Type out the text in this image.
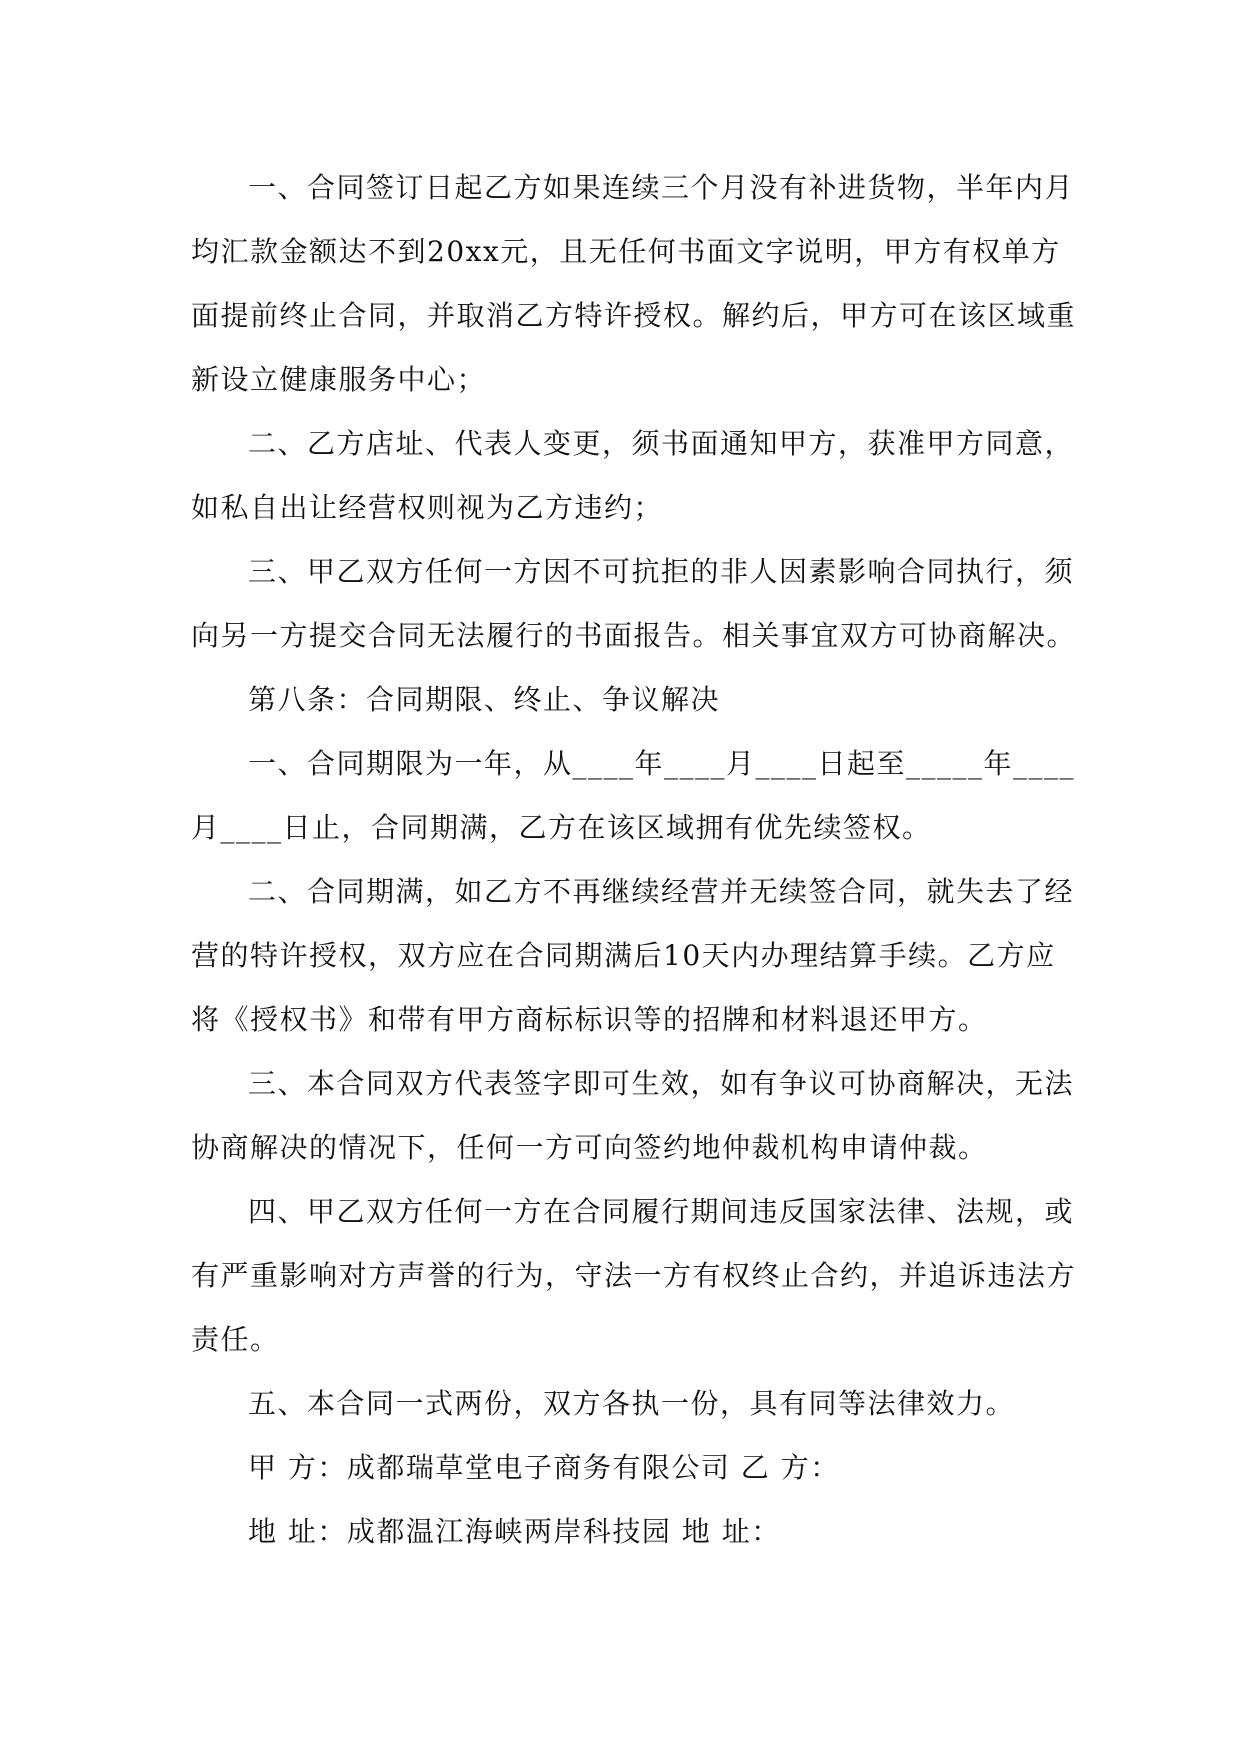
一、合同签订日起乙方如果连续三个月没有补进货物，半年内月
均汇款金额达不到20xx元，且无任何书面文字说明，甲方有权单方
面提前终止合同，并取消乙方特许授权。解约后，甲方可在该区域重
新设立健康服务中心；
二、乙方店址、代表人变更，须书面通知甲方，获准甲方同意，
如私自出让经营权则视为乙方违约；
三、甲乙双方任何一方因不可抗拒的非人因素影响合同执行，须
向另一方提交合同无法履行的书面报告。相关事宜双方可协商解决。
第八条：合同期限、终止、争议解决
一、合同期限为一年，从____年____月____日起至_____年____
月____日止，合同期满，乙方在该区域拥有优先续签权。
二、合同期满，如乙方不再继续经营并无续签合同，就失去了经
营的特许授权，双方应在合同期满后10天内办理结算手续。乙方应
将《授权书》和带有甲方商标标识等的招牌和材料退还甲方。
三、本合同双方代表签字即可生效，如有争议可协商解决，无法
协商解决的情况下，任何一方可向签约地仲裁机构申请仲裁。
四、甲乙双方任何一方在合同履行期间违反国家法律、法规，或
有严重影响对方声誉的行为，守法一方有权终止合约，并追诉违法方
责任。
五、本合同一式两份，双方各执一份，具有同等法律效力。
甲 方：成都瑞草堂电子商务有限公司 乙 方：
地 址：成都温江海峡两岸科技园 地 址：
